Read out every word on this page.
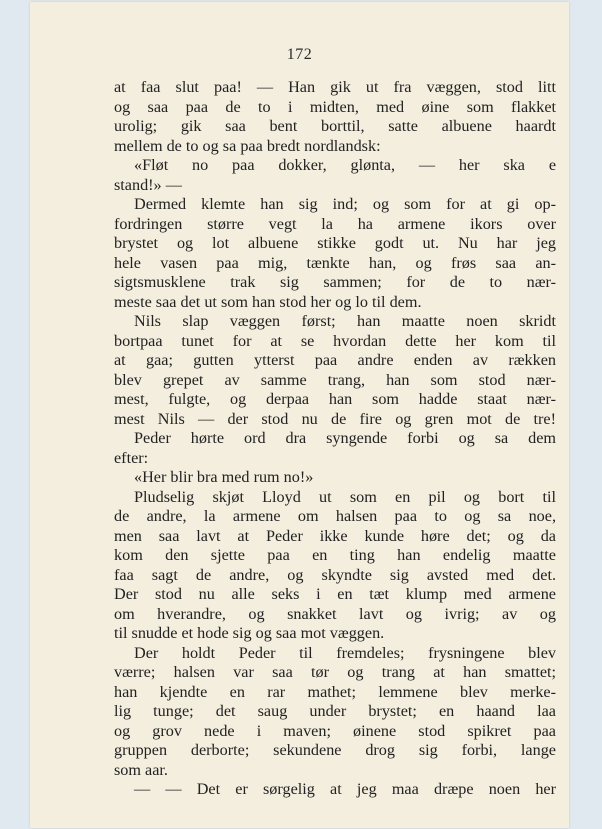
172
at faa slut paa! — Han gik ut fra væggen, stod litt
og saa paa de to i midten, med øine som flakket
urolig; gik saa bent borttil, satte albuene haardt
mellem de to og sa paa bredt nordlandsk:
«Fløt no paa dokker, glønta, — her ska e
stand!» —
Dermed klemte han sig ind; og som for at gi op-
fordringen større vegt la ha armene ikors over
brystet og lot albuene stikke godt ut. Nu har jeg
hele vasen paa mig, tænkte han, og frøs saa an-
sigtsmusklene trak sig sammen; for de to nær-
meste saa det ut som han stod her og lo til dem.
Nils slap væggen først; han maatte noen skridt
bortpaa tunet for at se hvordan dette her kom til
at gaa; gutten ytterst paa andre enden av rækken
blev grepet av samme trang, han som stod nær-
mest, fulgte, og derpaa han som hadde staat nær-
mest Nils — der stod nu de fire og gren mot de tre!
Peder hørte ord dra syngende forbi og sa dem
efter:
«Her blir bra med rum no!»
Pludselig skjøt Lloyd ut som en pil og bort til
de andre, la armene om halsen paa to og sa noe,
men saa lavt at Peder ikke kunde høre det; og da
kom den sjette paa en ting han endelig maatte
faa sagt de andre, og skyndte sig avsted med det.
Der stod nu alle seks i en tæt klump med armene
om hverandre, og snakket lavt og ivrig; av og
til snudde et hode sig og saa mot væggen.
Der holdt Peder til fremdeles; frysningene blev
værre; halsen var saa tør og trang at han smattet;
han kjendte en rar mathet; lemmene blev merke-
lig tunge; det saug under brystet; en haand laa
og grov nede i maven; øinene stod spikret paa
gruppen derborte; sekundene drog sig forbi, lange
som aar.
— — Det er sørgelig at jeg maa dræpe noen her
